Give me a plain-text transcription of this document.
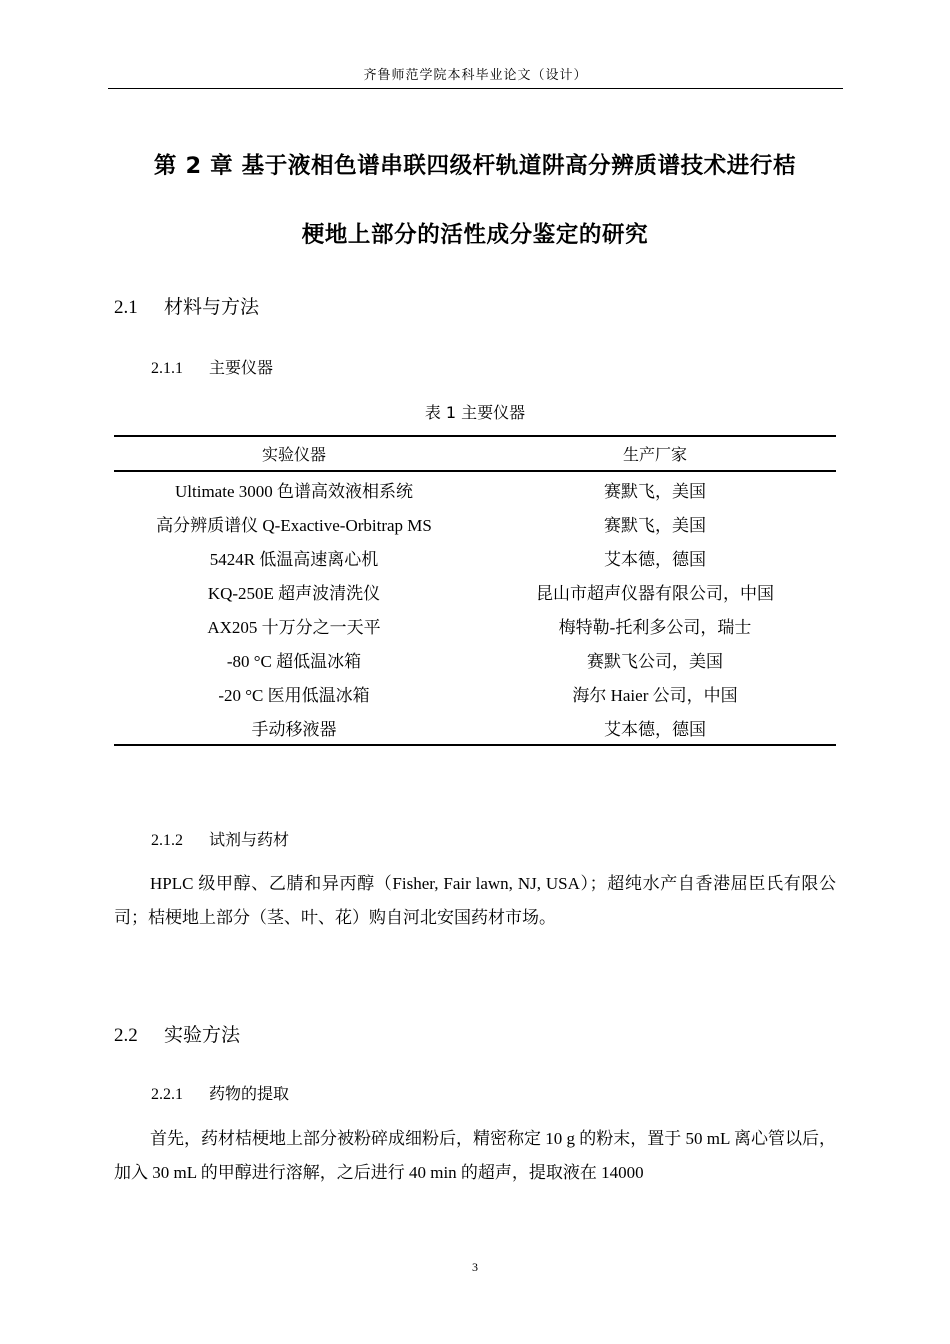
齐鲁师范学院本科毕业论文（设计）
第 2 章 基于液相色谱串联四级杆轨道阱高分辨质谱技术进行桔
梗地上部分的活性成分鉴定的研究
2.1 材料与方法
2.1.1 主要仪器
表 1 主要仪器
实验仪器	生产厂家
Ultimate 3000 色谱高效液相系统	赛默飞，美国
高分辨质谱仪 Q-Exactive-Orbitrap MS	赛默飞，美国
5424R 低温高速离心机	艾本德，德国
KQ-250E 超声波清洗仪	昆山市超声仪器有限公司，中国
AX205 十万分之一天平	梅特勒-托利多公司，瑞士
-80 °C 超低温冰箱	赛默飞公司，美国
-20 °C 医用低温冰箱	海尔 Haier 公司，中国
手动移液器	艾本德，德国
2.1.2 试剂与药材
HPLC 级甲醇、乙腈和异丙醇（Fisher, Fair lawn, NJ, USA）；超纯水产自香港屈臣氏有限公司；桔梗地上部分（茎、叶、花）购自河北安国药材市场。
2.2 实验方法
2.2.1 药物的提取
首先，药材桔梗地上部分被粉碎成细粉后，精密称定 10 g 的粉末，置于 50 mL 离心管以后，加入 30 mL 的甲醇进行溶解，之后进行 40 min 的超声，提取液在 14000
3
